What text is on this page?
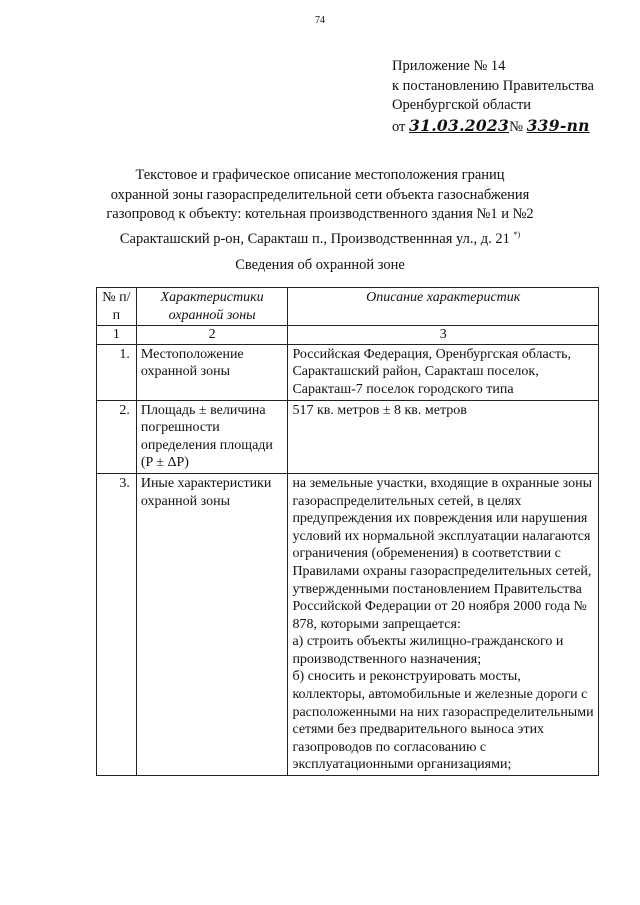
74
Приложение № 14
к постановлению Правительства
Оренбургской области
от 31.03.2023№ 339-пп
Текстовое и графическое описание местоположения границ
охранной зоны газораспределительной сети объекта газоснабжения
газопровод к объекту: котельная производственного здания №1 и №2
Саракташский р-он, Саракташ п., Производственнная ул., д. 21 *)
Сведения об охранной зоне
№ п/п	Характеристики охранной зоны	Описание характеристик
1	2	3
1.	Местоположение охранной зоны	Российская Федерация, Оренбургская область, Саракташский район, Саракташ поселок, Саракташ-7 поселок городского типа
2.	Площадь ± величина погрешности определения площади (P ± ΔP)	517 кв. метров ± 8 кв. метров
3.	Иные характеристики охранной зоны	на земельные участки, входящие в охранные зоны газораспределительных сетей, в целях предупреждения их повреждения или нарушения условий их нормальной эксплуатации налагаются ограничения (обременения) в соответствии с Правилами охраны газораспределительных сетей, утвержденными постановлением Правительства Российской Федерации от 20 ноября 2000 года № 878, которыми запрещается:
а) строить объекты жилищно-гражданского и производственного назначения;
б) сносить и реконструировать мосты, коллекторы, автомобильные и железные дороги с расположенными на них газораспределительными сетями без предварительного выноса этих газопроводов по согласованию с эксплуатационными организациями;
